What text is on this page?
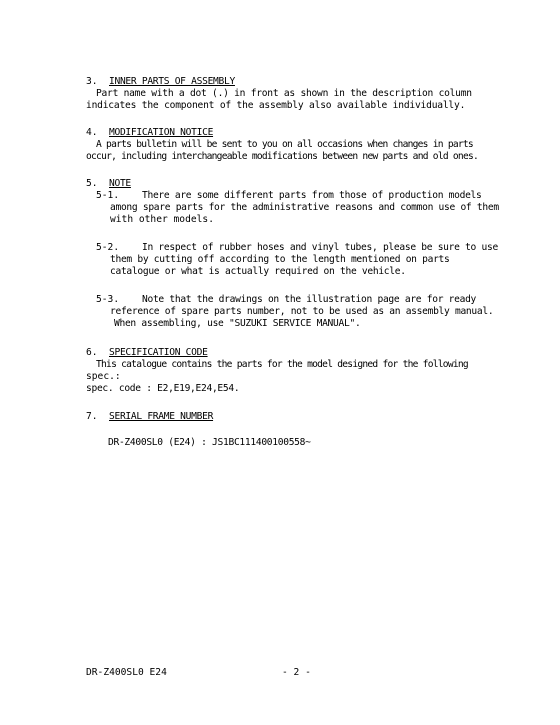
3. INNER PARTS OF ASSEMBLY
Part name with a dot (.) in front as shown in the description column
indicates the component of the assembly also available individually.
4. MODIFICATION NOTICE
A parts bulletin will be sent to you on all occasions when changes in parts
occur, including interchangeable modifications between new parts and old ones.
5. NOTE
5-1.	There are some different parts from those of production models
among spare parts for the administrative reasons and common use of them
with other models.
5-2.	In respect of rubber hoses and vinyl tubes, please be sure to use
them by cutting off according to the length mentioned on parts
catalogue or what is actually required on the vehicle.
5-3.	Note that the drawings on the illustration page are for ready
reference of spare parts number, not to be used as an assembly manual.
When assembling, use "SUZUKI SERVICE MANUAL".
6. SPECIFICATION CODE
This catalogue contains the parts for the model designed for the following
spec.:
spec. code : E2,E19,E24,E54.
7. SERIAL FRAME NUMBER
DR-Z400SL0 (E24) : JS1BC111400100558~
DR-Z400SL0 E24	- 2 -
